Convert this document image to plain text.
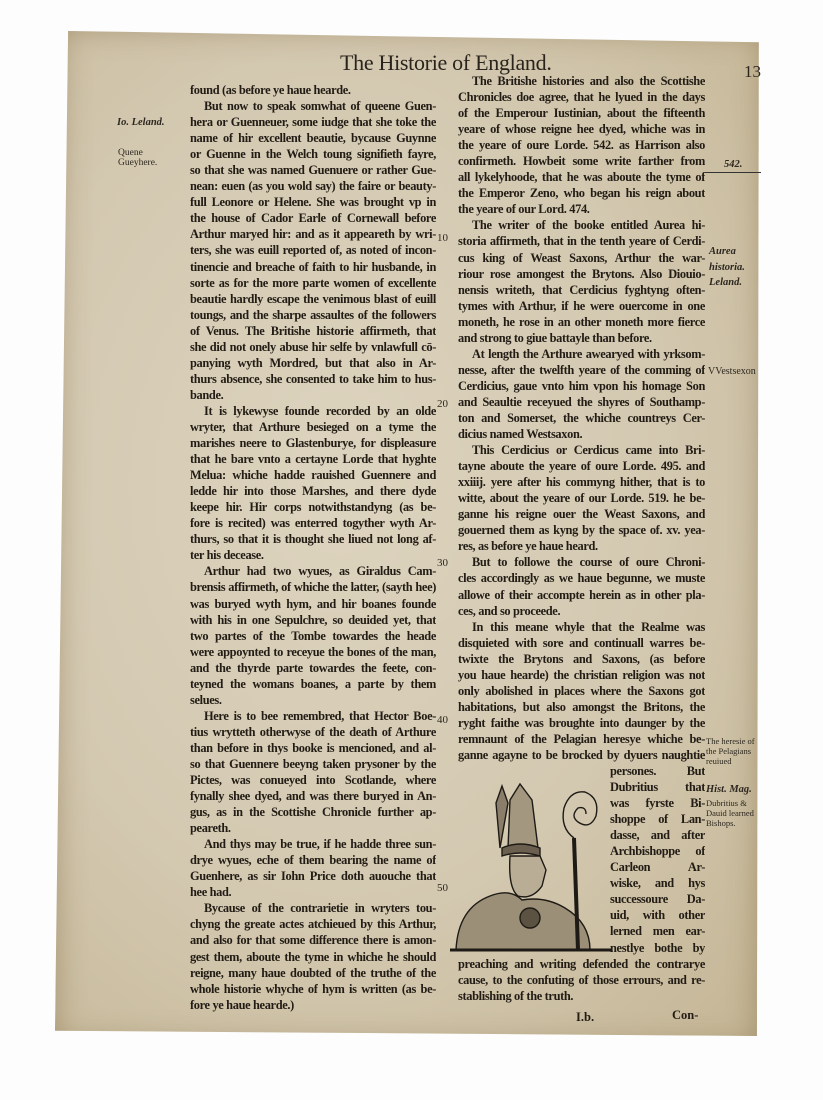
The Historie of England.	13
found (as before ye haue hearde.
But now to speak somwhat of queene Guen-
hera or Guenneuer, some iudge that she toke the
name of hir excellent beautie, bycause Guynne
or Guenne in the Welch toung signifieth fayre,
so that she was named Guenuere or rather Gue-
nean: euen (as you wold say) the faire or beauty-
full Leonore or Helene. She was brought vp in
the house of Cador Earle of Cornewall before
Arthur maryed hir: and as it appeareth by wri-
ters, she was euill reported of, as noted of incon-
tinencie and breache of faith to hir husbande, in
sorte as for the more parte women of excellente
beautie hardly escape the venimous blast of euill
toungs, and the sharpe assaultes of the followers
of Venus. The Britishe historie affirmeth, that
she did not onely abuse hir selfe by vnlawfull cō-
panying wyth Mordred, but that also in Ar-
thurs absence, she consented to take him to hus-
bande.
It is lykewyse founde recorded by an olde
wryter, that Arthure besieged on a tyme the
marishes neere to Glastenburye, for displeasure
that he bare vnto a certayne Lorde that hyghte
Melua: whiche hadde rauished Guennere and
ledde hir into those Marshes, and there dyde
keepe hir. Hir corps notwithstandyng (as be-
fore is recited) was enterred togyther wyth Ar-
thurs, so that it is thought she liued not long af-
ter his decease.
Arthur had two wyues, as Giraldus Cam-
brensis affirmeth, of whiche the latter, (sayth hee)
was buryed wyth hym, and hir boanes founde
with his in one Sepulchre, so deuided yet, that
two partes of the Tombe towardes the heade
were appoynted to receyue the bones of the man,
and the thyrde parte towardes the feete, con-
teyned the womans boanes, a parte by them
selues.
Here is to bee remembred, that Hector Boe-
tius wrytteth otherwyse of the death of Arthure
than before in thys booke is mencioned, and al-
so that Guennere beeyng taken prysoner by the
Pictes, was conueyed into Scotlande, where
fynally shee dyed, and was there buryed in An-
gus, as in the Scottishe Chronicle further ap-
peareth.
And thys may be true, if he hadde three sun-
drye wyues, eche of them bearing the name of
Guenhere, as sir Iohn Price doth auouche that
hee had.
Bycause of the contrarietie in wryters tou-
chyng the greate actes atchieued by this Arthur,
and also for that some difference there is amon-
gest them, aboute the tyme in whiche he should
reigne, many haue doubted of the truthe of the
whole historie whyche of hym is written (as be-
fore ye haue hearde.)
The Britishe histories and also the Scottishe
Chronicles doe agree, that he lyued in the days
of the Emperour Iustinian, about the fifteenth
yeare of whose reigne hee dyed, whiche was in
the yeare of oure Lorde. 542. as Harrison also
confirmeth. Howbeit some write farther from
all lykelyhoode, that he was aboute the tyme of
the Emperor Zeno, who began his reign about
the yeare of our Lord. 474.
The writer of the booke entitled Aurea hi-
storia affirmeth, that in the tenth yeare of Cerdi-
cus king of Weast Saxons, Arthur the war-
riour rose amongest the Brytons. Also Diouio-
nensis writeth, that Cerdicius fyghtyng often-
tymes with Arthur, if he were ouercome in one
moneth, he rose in an other moneth more fierce
and strong to giue battayle than before.
At length the Arthure awearyed with yrksom-
nesse, after the twelfth yeare of the comming of
Cerdicius, gaue vnto him vpon his homage Son
and Seaultie receyued the shyres of Southamp-
ton and Somerset, the whiche countreys Cer-
dicius named Westsaxon.
This Cerdicius or Cerdicus came into Bri-
tayne aboute the yeare of oure Lorde. 495. and
xxiiij. yere after his commyng hither, that is to
witte, about the yeare of our Lorde. 519. he be-
ganne his reigne ouer the Weast Saxons, and
gouerned them as kyng by the space of. xv. yea-
res, as before ye haue heard.
But to followe the course of oure Chroni-
cles accordingly as we haue begunne, we muste
allowe of their accompte herein as in other pla-
ces, and so proceede.
In this meane whyle that the Realme was
disquieted with sore and continuall warres be-
twixte the Brytons and Saxons, (as before
you haue hearde) the christian religion was not
only abolished in places where the Saxons got
habitations, but also amongst the Britons, the
ryght faithe was broughte into daunger by the
remnaunt of the Pelagian heresye whiche be-
ganne agayne to be brocked by dyuers naughtie
persones. But
Dubritius that
was fyrste Bi-
shoppe of Lan-
dasse, and after
Archbishoppe of
Carleon Ar-
wiske, and hys
successoure Da-
uid, with other
lerned men ear-
nestlye bothe by
preaching and writing defended the contrarye
cause, to the confuting of those errours, and re-
stablishing of the truth.
Io. Leland.
Quene Gueyhere.	542.
Aurea historia.
Leland.
VVestsexon
The heresie of the Pelagians reuiued
Hist. Mag.
Dubritius & Dauid learned Bishops.
10
20
30
40
50
I.b.	Con-
